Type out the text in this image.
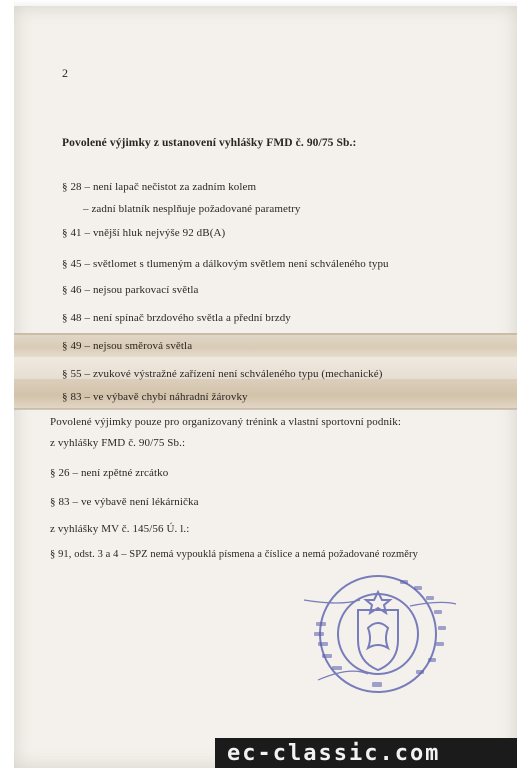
2
Povolené výjimky z ustanovení vyhlášky FMD č. 90/75 Sb.:
§ 28 – není lapač nečistot za zadním kolem
– zadní blatník nesplňuje požadované parametry
§ 41 – vnější hluk nejvýše 92 dB(A)
§ 45 – světlomet s tlumeným a dálkovým světlem není schváleného typu
§ 46 – nejsou parkovací světla
§ 48 – není spínač brzdového světla a přední brzdy
§ 49 – nejsou směrová světla
§ 55 – zvukové výstražné zařízení není schváleného typu (mechanické)
§ 83 – ve výbavě chybí náhradní žárovky
Povolené výjimky pouze pro organizovaný trénink a vlastní sportovní podnik:
z vyhlášky FMD č. 90/75 Sb.:
§ 26 – není zpětné zrcátko
§ 83 – ve výbavě není lékárnička
z vyhlášky MV č. 145/56 Ú. l.:
§ 91, odst. 3 a 4 – SPZ nemá vypouklá písmena a číslice a nemá požadované rozměry
ec-classic.com
